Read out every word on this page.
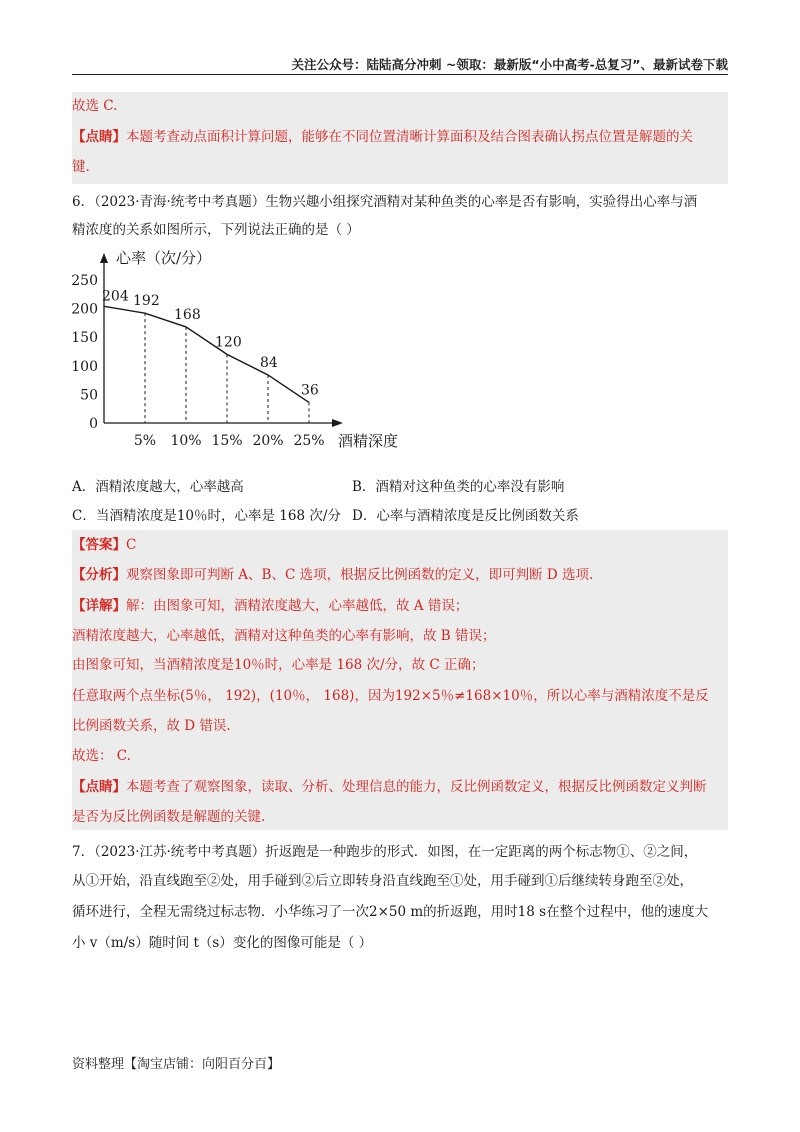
关注公众号：陆陆高分冲刺 ~领取：最新版“小中高考-总复习”、最新试卷下载
故选 C.
【点睛】本题考查动点面积计算问题，能够在不同位置清晰计算面积及结合图表确认拐点位置是解题的关
键.
6．（2023·青海·统考中考真题）生物兴趣小组探究酒精对某种鱼类的心率是否有影响，实验得出心率与酒
精浓度的关系如图所示，下列说法正确的是（ ）
0
50
100
150
200
250
5% 10% 15% 20% 25%
204 192
168
120
84
36
心率（次/分）
酒精深度
A．酒精浓度越大，心率越高	B．酒精对这种鱼类的心率没有影响
C．当酒精浓度是10％时，心率是 168 次/分 D．心率与酒精浓度是反比例函数关系
【答案】C
【分析】观察图象即可判断 A、B、C 选项，根据反比例函数的定义，即可判断 D 选项.
【详解】解：由图象可知，酒精浓度越大，心率越低，故 A 错误；
酒精浓度越大，心率越低，酒精对这种鱼类的心率有影响，故 B 错误；
由图象可知，当酒精浓度是10％时，心率是 168 次/分，故 C 正确；
任意取两个点坐标(5％， 192)，(10％， 168)，因为192×5％≠168×10％，所以心率与酒精浓度不是反
比例函数关系，故 D 错误.
故选： C.
【点睛】本题考查了观察图象，读取、分析、处理信息的能力，反比例函数定义，根据反比例函数定义判断
是否为反比例函数是解题的关键.
7．（2023·江苏·统考中考真题）折返跑是一种跑步的形式．如图，在一定距离的两个标志物①、②之间，
从①开始，沿直线跑至②处，用手碰到②后立即转身沿直线跑至①处，用手碰到①后继续转身跑至②处，
循环进行，全程无需绕过标志物．小华练习了一次2×50 m的折返跑，用时18 s在整个过程中，他的速度大
小 v（m/s）随时间 t（s）变化的图像可能是（ ）
资料整理【淘宝店铺：向阳百分百】
